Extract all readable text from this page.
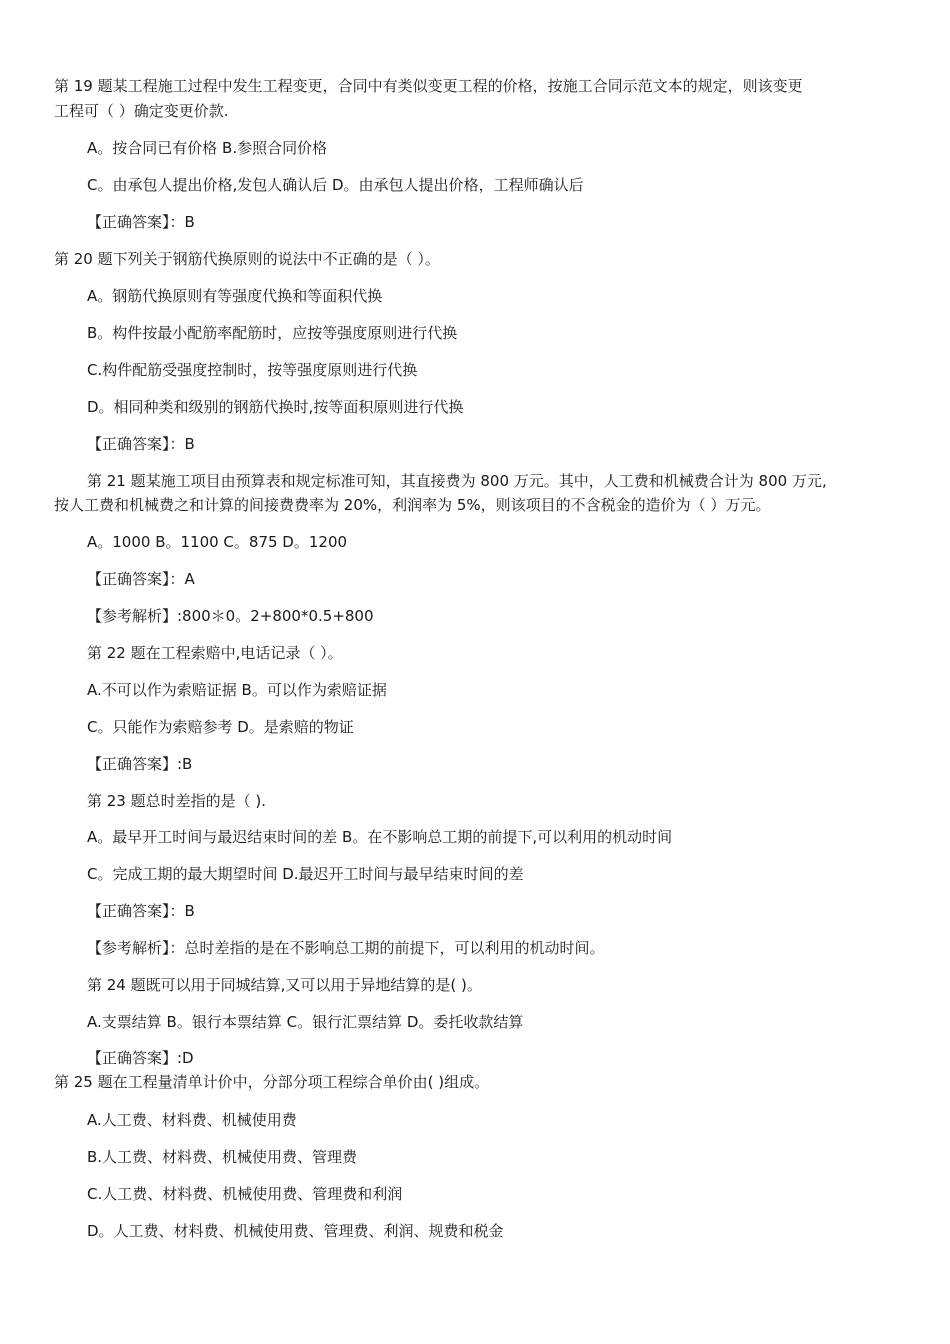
第 19 题某工程施工过程中发生工程变更，合同中有类似变更工程的价格，按施工合同示范文本的规定，则该变更
工程可（ ）确定变更价款.
A。按合同已有价格 B.参照合同价格
C。由承包人提出价格,发包人确认后 D。由承包人提出价格，工程师确认后
【正确答案】：B
第 20 题下列关于钢筋代换原则的说法中不正确的是（ ）。
A。钢筋代换原则有等强度代换和等面积代换
B。构件按最小配筋率配筋时，应按等强度原则进行代换
C.构件配筋受强度控制时，按等强度原则进行代换
D。相同种类和级别的钢筋代换时,按等面积原则进行代换
【正确答案】：B
第 21 题某施工项目由预算表和规定标准可知，其直接费为 800 万元。其中，人工费和机械费合计为 800 万元,
按人工费和机械费之和计算的间接费费率为 20%，利润率为 5%，则该项目的不含税金的造价为（ ）万元。
A。1000 B。1100 C。875 D。1200
【正确答案】：A
【参考解析】:800＊0。2+800*0.5+800
第 22 题在工程索赔中,电话记录（ ）。
A.不可以作为索赔证据 B。可以作为索赔证据
C。只能作为索赔参考 D。是索赔的物证
【正确答案】:B
第 23 题总时差指的是（ ).
A。最早开工时间与最迟结束时间的差 B。在不影响总工期的前提下,可以利用的机动时间
C。完成工期的最大期望时间 D.最迟开工时间与最早结束时间的差
【正确答案】：B
【参考解析】：总时差指的是在不影响总工期的前提下，可以利用的机动时间。
第 24 题既可以用于同城结算,又可以用于异地结算的是( )。
A.支票结算 B。银行本票结算 C。银行汇票结算 D。委托收款结算
【正确答案】:D
第 25 题在工程量清单计价中，分部分项工程综合单价由( )组成。
A.人工费、材料费、机械使用费
B.人工费、材料费、机械使用费、管理费
C.人工费、材料费、机械使用费、管理费和利润
D。人工费、材料费、机械使用费、管理费、利润、规费和税金
